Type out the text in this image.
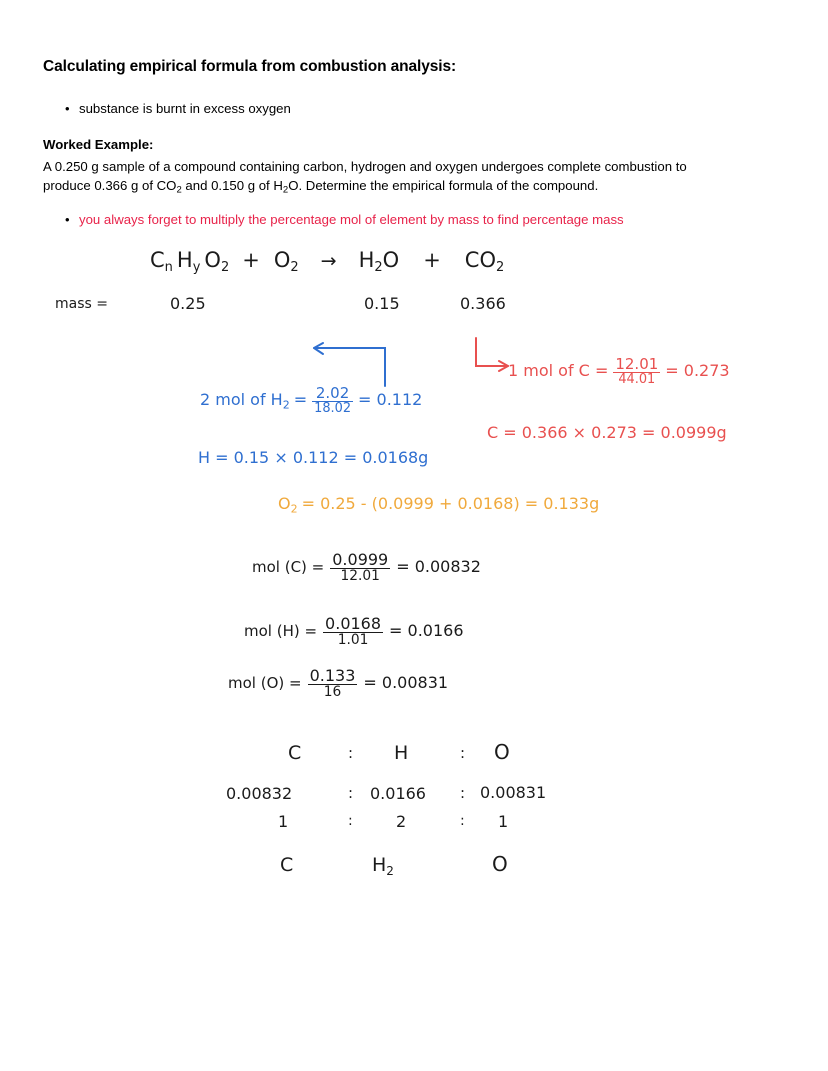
Calculating empirical formula from combustion analysis:
• substance is burnt in excess oxygen
Worked Example:
A 0.250 g sample of a compound containing carbon, hydrogen and oxygen undergoes complete combustion to
produce 0.366 g of $CO_2$ and 0.150 g of $H_2O$. Determine the empirical formula of the compound.
• you always forget to multiply the percentage mol of element by mass to find percentage mass
Cn Hy O2 + O2 → H2O + CO2
mass =	0.25	0.15	0.366
2 mol of $H_2 = \frac{2.02}{18.02} = 0.112$
H = 0.15 × 0.112 = 0.0168g
1 mol of $C = \frac{12.01}{44.01} = 0.273$
C = 0.366 × 0.273 = 0.0999g
$O_2 = 0.25 - (0.0999 + 0.0168) = 0.133g$
mol $(C) = \frac{0.0999}{12.01} = 0.00832$
mol $(H) = \frac{0.0168}{1.01} = 0.0166$
mol $(O) = \frac{0.133}{16} = 0.00831$
C	: H	: O
0.00832	: 0.0166 : 0.00831
1	:	2	: 1
C	$H_2$	O
